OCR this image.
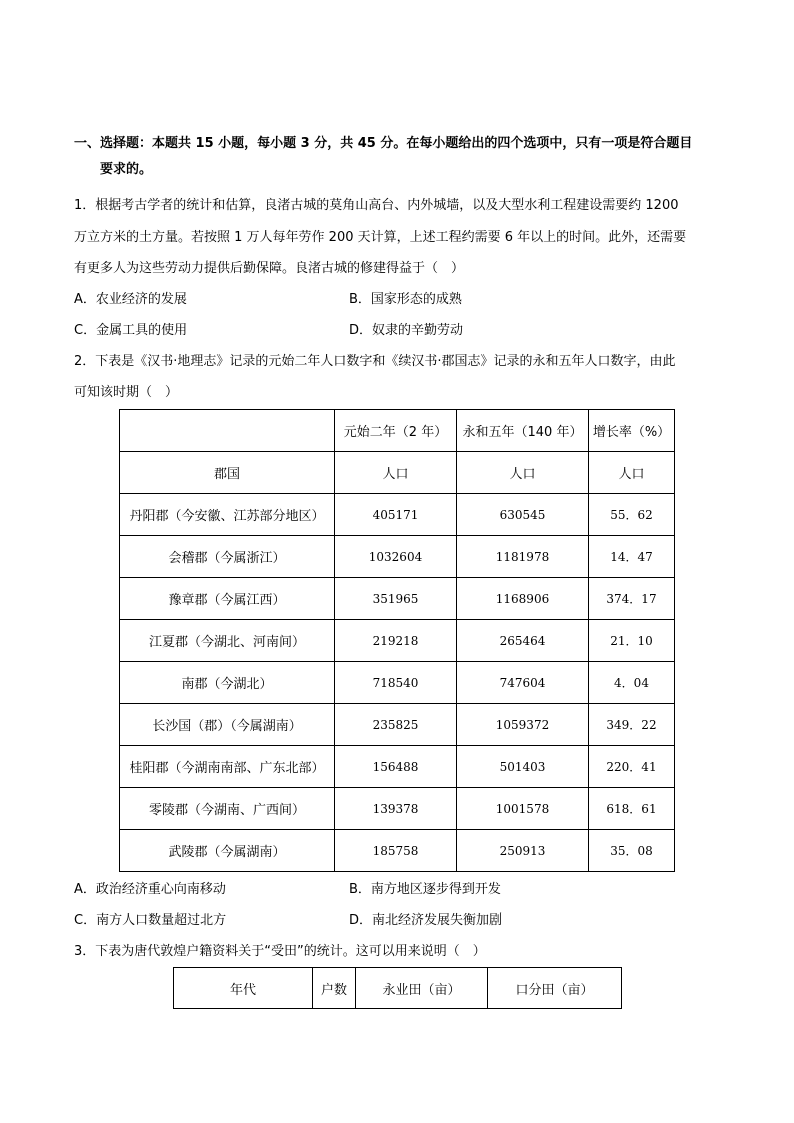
一、选择题：本题共 15 小题，每小题 3 分，共 45 分。在每小题给出的四个选项中，只有一项是符合题目
要求的。
1．根据考古学者的统计和估算，良渚古城的莫角山高台、内外城墙，以及大型水利工程建设需要约 1200
万立方米的土方量。若按照 1 万人每年劳作 200 天计算，上述工程约需要 6 年以上的时间。此外，还需要
有更多人为这些劳动力提供后勤保障。良渚古城的修建得益于（　）
A．农业经济的发展	B．国家形态的成熟
C．金属工具的使用	D．奴隶的辛勤劳动
2．下表是《汉书·地理志》记录的元始二年人口数字和《续汉书·郡国志》记录的永和五年人口数字，由此
可知该时期（　）
	元始二年（2 年）	永和五年（140 年）	增长率（%）
郡国	人口	人口	人口
丹阳郡（今安徽、江苏部分地区）	405171	630545	55．62
会稽郡（今属浙江）	1032604	1181978	14．47
豫章郡（今属江西）	351965	1168906	374．17
江夏郡（今湖北、河南间）	219218	265464	21．10
南郡（今湖北）	718540	747604	4．04
长沙国（郡）（今属湖南）	235825	1059372	349．22
桂阳郡（今湖南南部、广东北部）	156488	501403	220．41
零陵郡（今湖南、广西间）	139378	1001578	618．61
武陵郡（今属湖南）	185758	250913	35．08
A．政治经济重心向南移动	B．南方地区逐步得到开发
C．南方人口数量超过北方	D．南北经济发展失衡加剧
3．下表为唐代敦煌户籍资料关于“受田”的统计。这可以用来说明（　）
年代	户数	永业田（亩）	口分田（亩）
